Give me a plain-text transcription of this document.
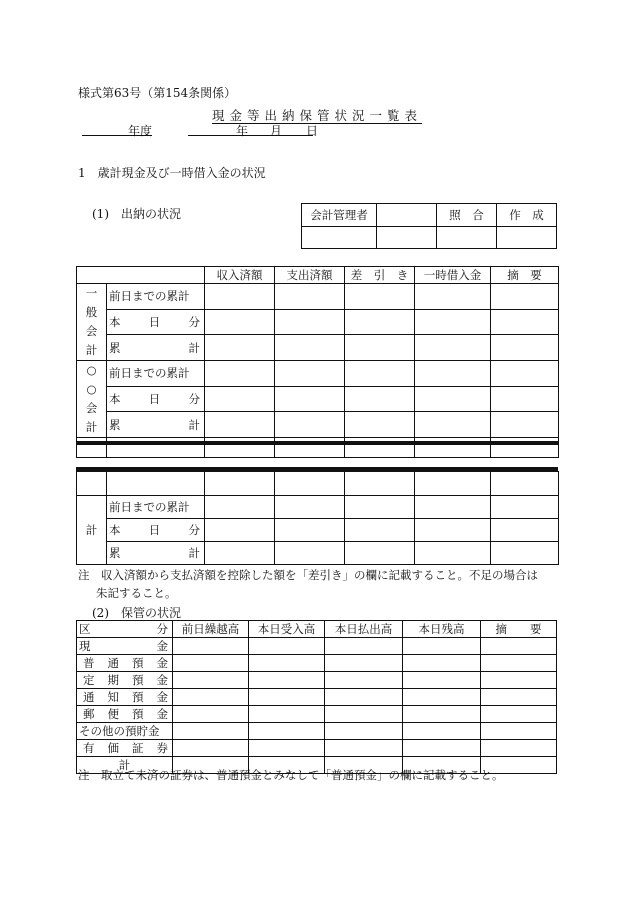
様式第63号（第154条関係）
現金等出納保管状況一覧表
年度	年 月 日
1　歳計現金及び一時借入金の状況
(1)　出納の状況	会計管理者		照　合	作　成

		収入済額	支出済額	差　引　き	一時借入金	摘　要

一
般
会
計	前日までの累計					

	本 日 分					

	累 計					

○
○
会
計	前日までの累計					

	本 日 分					

	累 計					

計	前日までの累計					

	本 日 分					

	累 計					

注　収入済額から支払済額を控除した額を「差引き」の欄に記載すること。不足の場合は
朱記すること。
(2)　保管の状況
区 分	前日繰越高	本日受入高	本日払出高	本日残高	摘　　要

現 金					

普 通 預 金					

定 期 預 金					

通 知 預 金					

郵 便 預 金					

その他の預貯金					

有 価 証 券					

計					
注　取立て未済の証券は、普通預金とみなして「普通預金」の欄に記載すること。
